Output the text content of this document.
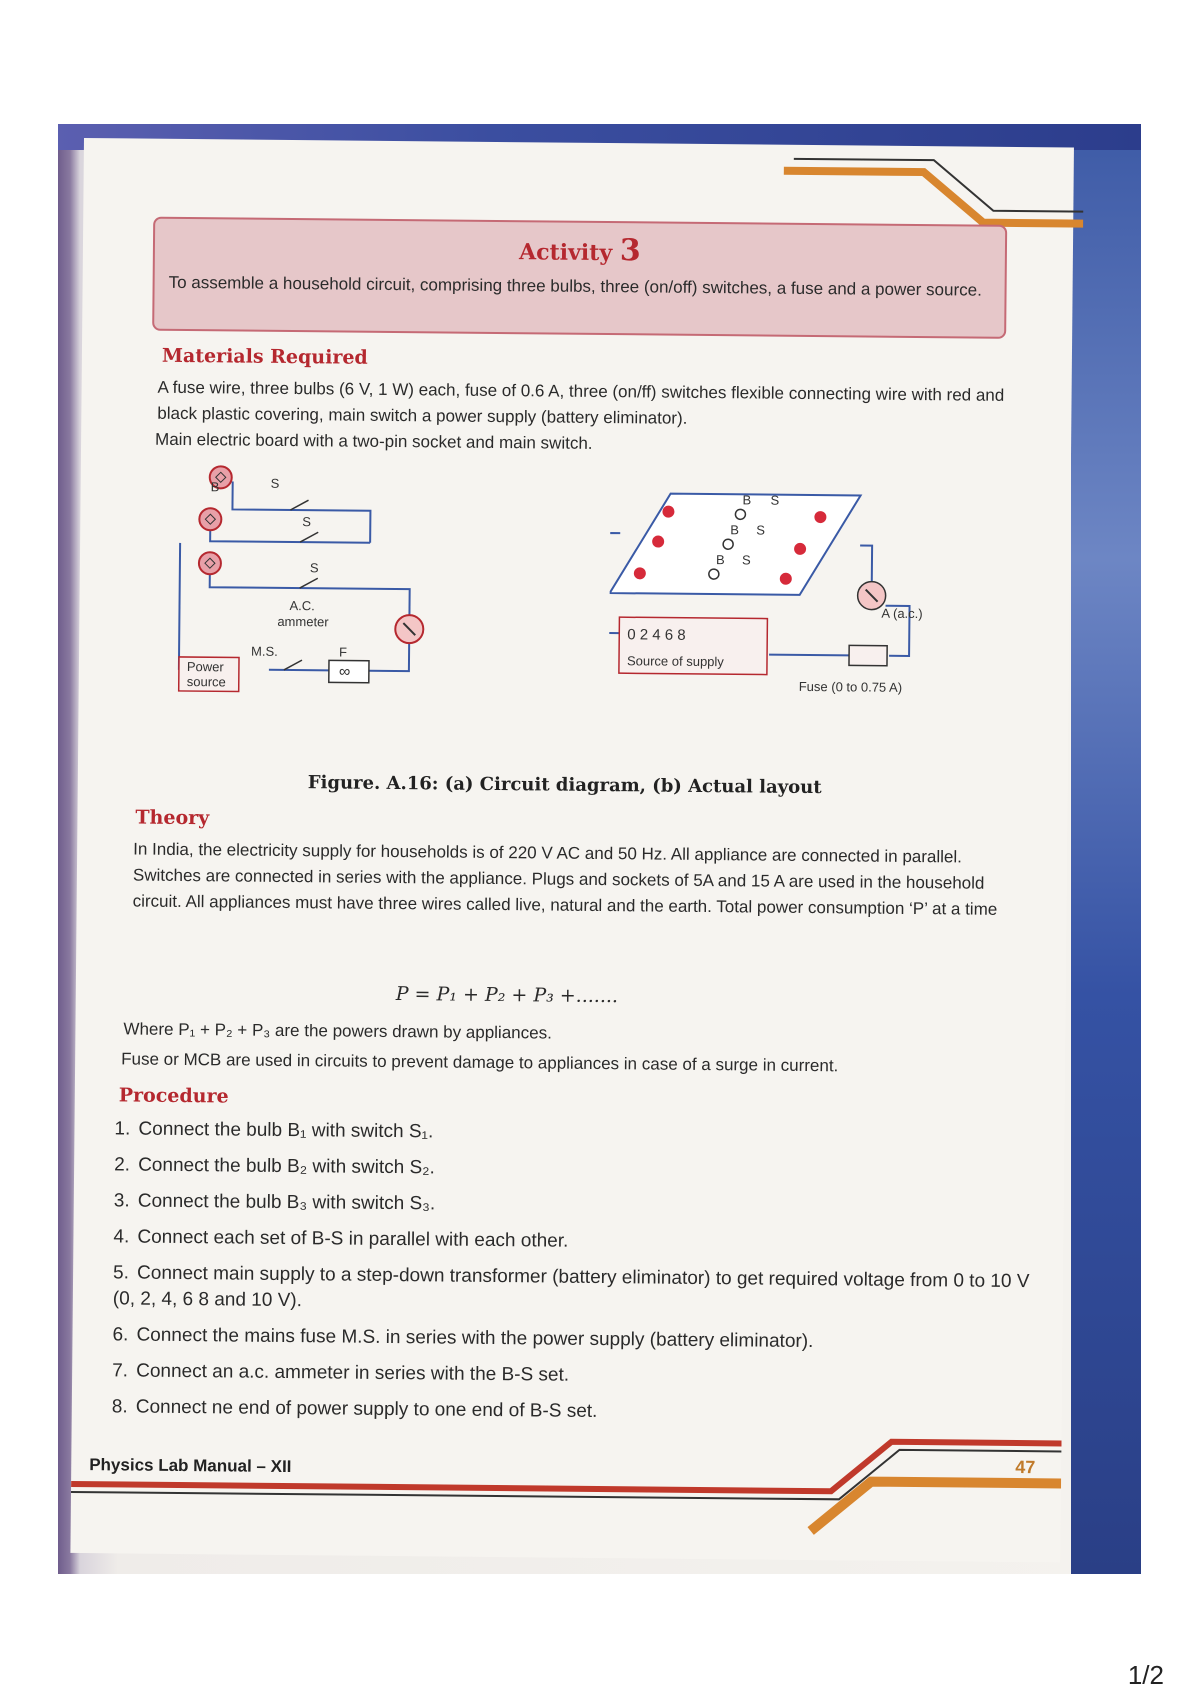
Activity 3
To assemble a household circuit, comprising three bulbs, three (on/off) switches, a fuse and a power source.
Materials Required
A fuse wire, three bulbs (6 V, 1 W) each, fuse of 0.6 A, three (on/ff) switches flexible connecting wire with red and black plastic covering, main switch a power supply (battery eliminator).
Main electric board with a two-pin socket and main switch.
∞
B	S
S
S
A.C.
ammeter
M.S.	F
Power
source
B S
B S
B S
A (a.c.)
0 2 4 6 8
Source of supply
Fuse (0 to 0.75 A)
Figure. A.16: (a) Circuit diagram, (b) Actual layout
Theory
In India, the electricity supply for households is of 220 V AC and 50 Hz. All appliance are connected in parallel. Switches are connected in series with the appliance. Plugs and sockets of 5A and 15 A are used in the household circuit. All appliances must have three wires called live, natural and the earth. Total power consumption ‘P’ at a time
P = P₁ + P₂ + P₃ +.......
Where P₁ + P₂ + P₃ are the powers drawn by appliances.
Fuse or MCB are used in circuits to prevent damage to appliances in case of a surge in current.
Procedure
1. Connect the bulb B₁ with switch S₁.
2. Connect the bulb B₂ with switch S₂.
3. Connect the bulb B₃ with switch S₃.
4. Connect each set of B-S in parallel with each other.
5. Connect main supply to a step-down transformer (battery eliminator) to get required voltage from 0 to 10 V (0, 2, 4, 6 8 and 10 V).
6. Connect the mains fuse M.S. in series with the power supply (battery eliminator).
7. Connect an a.c. ammeter in series with the B-S set.
8. Connect ne end of power supply to one end of B-S set.
Physics Lab Manual – XII	47
1/2
